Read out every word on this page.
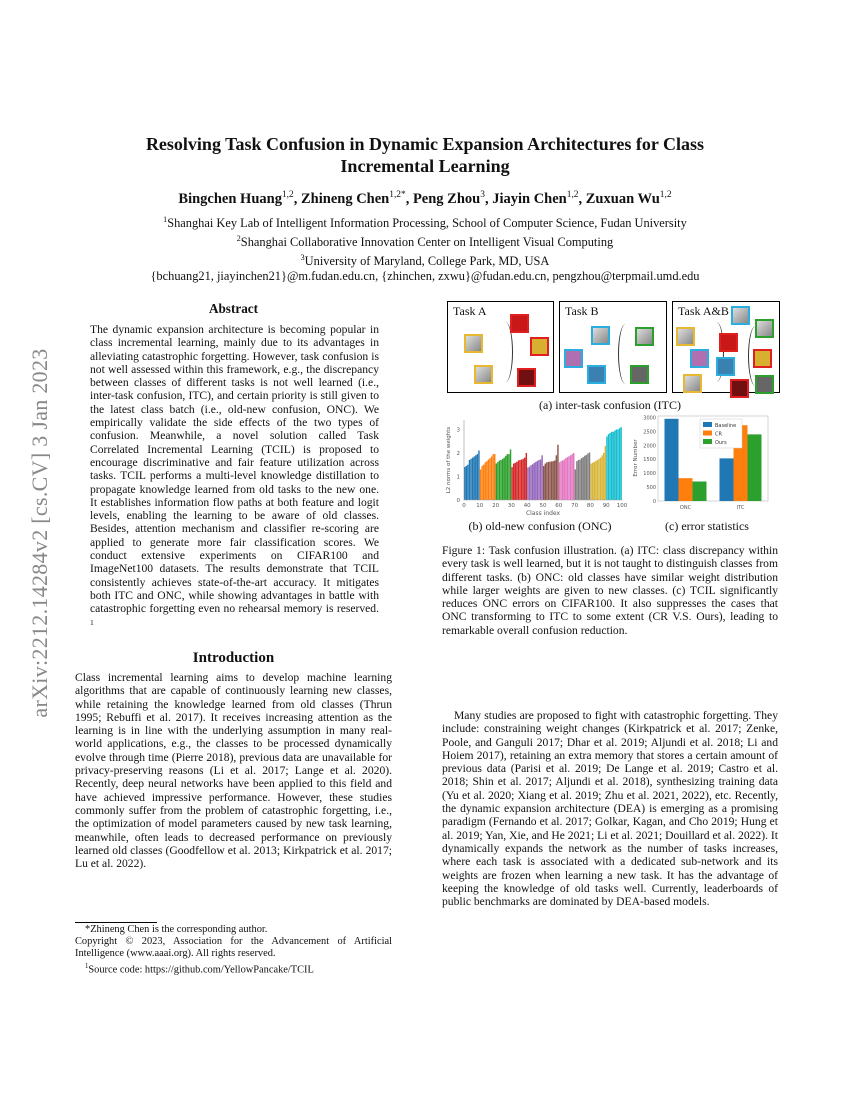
arXiv:2212.14284v2 [cs.CV] 3 Jan 2023
Resolving Task Confusion in Dynamic Expansion Architectures for Class Incremental Learning
Bingchen Huang$^{1,2}$, Zhineng Chen$^{1,2*}$, Peng Zhou$^3$, Jiayin Chen$^{1,2}$, Zuxuan Wu$^{1,2}$
$^1$Shanghai Key Lab of Intelligent Information Processing, School of Computer Science, Fudan University
$^2$Shanghai Collaborative Innovation Center on Intelligent Visual Computing
$^3$University of Maryland, College Park, MD, USA
{bchuang21, jiayinchen21}@m.fudan.edu.cn, {zhinchen, zxwu}@fudan.edu.cn, pengzhou@terpmail.umd.edu
Abstract
The dynamic expansion architecture is becoming popular in class incremental learning, mainly due to its advantages in alleviating catastrophic forgetting. However, task confusion is not well assessed within this framework, e.g., the discrepancy between classes of different tasks is not well learned (i.e., inter-task confusion, ITC), and certain priority is still given to the latest class batch (i.e., old-new confusion, ONC). We empirically validate the side effects of the two types of confusion. Meanwhile, a novel solution called Task Correlated Incremental Learning (TCIL) is proposed to encourage discriminative and fair feature utilization across tasks. TCIL performs a multi-level knowledge distillation to propagate knowledge learned from old tasks to the new one. It establishes information flow paths at both feature and logit levels, enabling the learning to be aware of old classes. Besides, attention mechanism and classifier re-scoring are applied to generate more fair classification scores. We conduct extensive experiments on CIFAR100 and ImageNet100 datasets. The results demonstrate that TCIL consistently achieves state-of-the-art accuracy. It mitigates both ITC and ONC, while showing advantages in battle with catastrophic forgetting even no rehearsal memory is reserved. $^1$
Introduction
Class incremental learning aims to develop machine learning algorithms that are capable of continuously learning new classes, while retaining the knowledge learned from old classes (Thrun 1995; Rebuffi et al. 2017). It receives increasing attention as the learning is in line with the underlying assumption in many real-world applications, e.g., the classes to be processed dynamically evolve through time (Pierre 2018), previous data are unavailable for privacy-preserving reasons (Li et al. 2017; Lange et al. 2020). Recently, deep neural networks have been applied to this field and have achieved impressive performance. However, these studies commonly suffer from the problem of catastrophic forgetting, i.e., the optimization of model parameters caused by new task learning, meanwhile, often leads to decreased performance on previously learned old classes (Goodfellow et al. 2013; Kirkpatrick et al. 2017; Lu et al. 2022).

*Zhineng Chen is the corresponding author.

Copyright © 2023, Association for the Advancement of Artificial Intelligence (www.aaai.org). All rights reserved.

$^1$Source code: https://github.com/YellowPancake/TCIL

Task A	Task B	Task A&B
(a) inter-task confusion (ITC)
0 10 20 30 40 50 60 70 80 90 100
0
1
2
3
Class index
L2 norms of the weights
0
500
1000
1500
2000
2500
3000
ONC	ITC
Error Number
Baseline
CR
Ours
(b) old-new confusion (ONC)	(c) error statistics
Figure 1: Task confusion illustration. (a) ITC: class discrepancy within every task is well learned, but it is not taught to distinguish classes from different tasks. (b) ONC: old classes have similar weight distribution while larger weights are given to new classes. (c) TCIL significantly reduces ONC errors on CIFAR100. It also suppresses the cases that ONC transforming to ITC to some extent (CR V.S. Ours), leading to remarkable overall confusion reduction.
Many studies are proposed to fight with catastrophic forgetting. They include: constraining weight changes (Kirkpatrick et al. 2017; Zenke, Poole, and Ganguli 2017; Dhar et al. 2019; Aljundi et al. 2018; Li and Hoiem 2017), retaining an extra memory that stores a certain amount of previous data (Parisi et al. 2019; De Lange et al. 2019; Castro et al. 2018; Shin et al. 2017; Aljundi et al. 2018), synthesizing training data (Yu et al. 2020; Xiang et al. 2019; Zhu et al. 2021, 2022), etc. Recently, the dynamic expansion architecture (DEA) is emerging as a promising paradigm (Fernando et al. 2017; Golkar, Kagan, and Cho 2019; Hung et al. 2019; Yan, Xie, and He 2021; Li et al. 2021; Douillard et al. 2022). It dynamically expands the network as the number of tasks increases, where each task is associated with a dedicated sub-network and its weights are frozen when learning a new task. It has the advantage of keeping the knowledge of old tasks well. Currently, leaderboards of public benchmarks are dominated by DEA-based models.
